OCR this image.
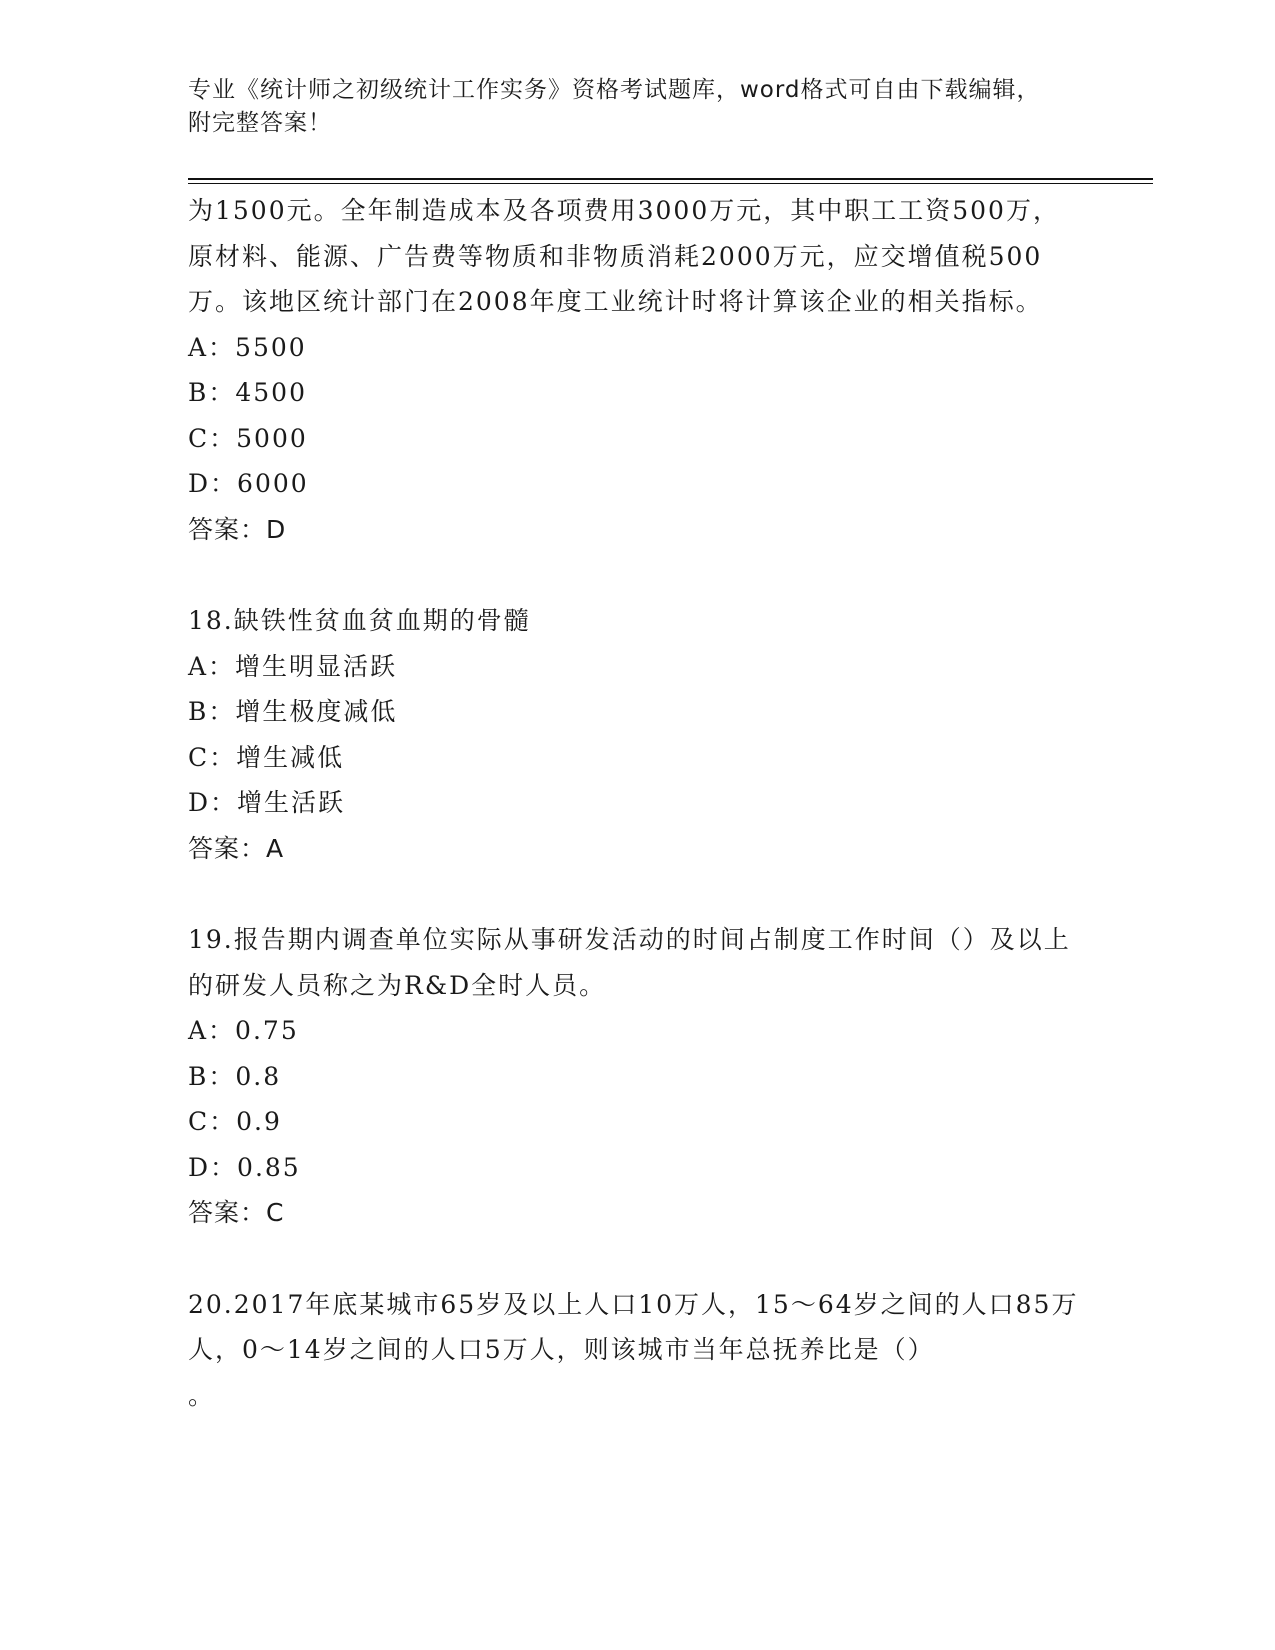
专业《统计师之初级统计工作实务》资格考试题库，word格式可自由下载编辑，
附完整答案！

为1500元。全年制造成本及各项费用3000万元，其中职工工资500万，原材料、能源、广告费等物质和非物质消耗2000万元，应交增值税500万。该地区统计部门在2008年度工业统计时将计算该企业的相关指标。

A：5500

B：4500

C：5000

D：6000

答案：D

18.缺铁性贫血贫血期的骨髓

A：增生明显活跃

B：增生极度减低

C：增生减低

D：增生活跃

答案：A

19.报告期内调查单位实际从事研发活动的时间占制度工作时间（）及以上的研发人员称之为R&D全时人员。

A：0.75

B：0.8

C：0.9

D：0.85

答案：C

20.2017年底某城市65岁及以上人口10万人，15～64岁之间的人口85万人，0～14岁之间的人口5万人，则该城市当年总抚养比是（）

。
